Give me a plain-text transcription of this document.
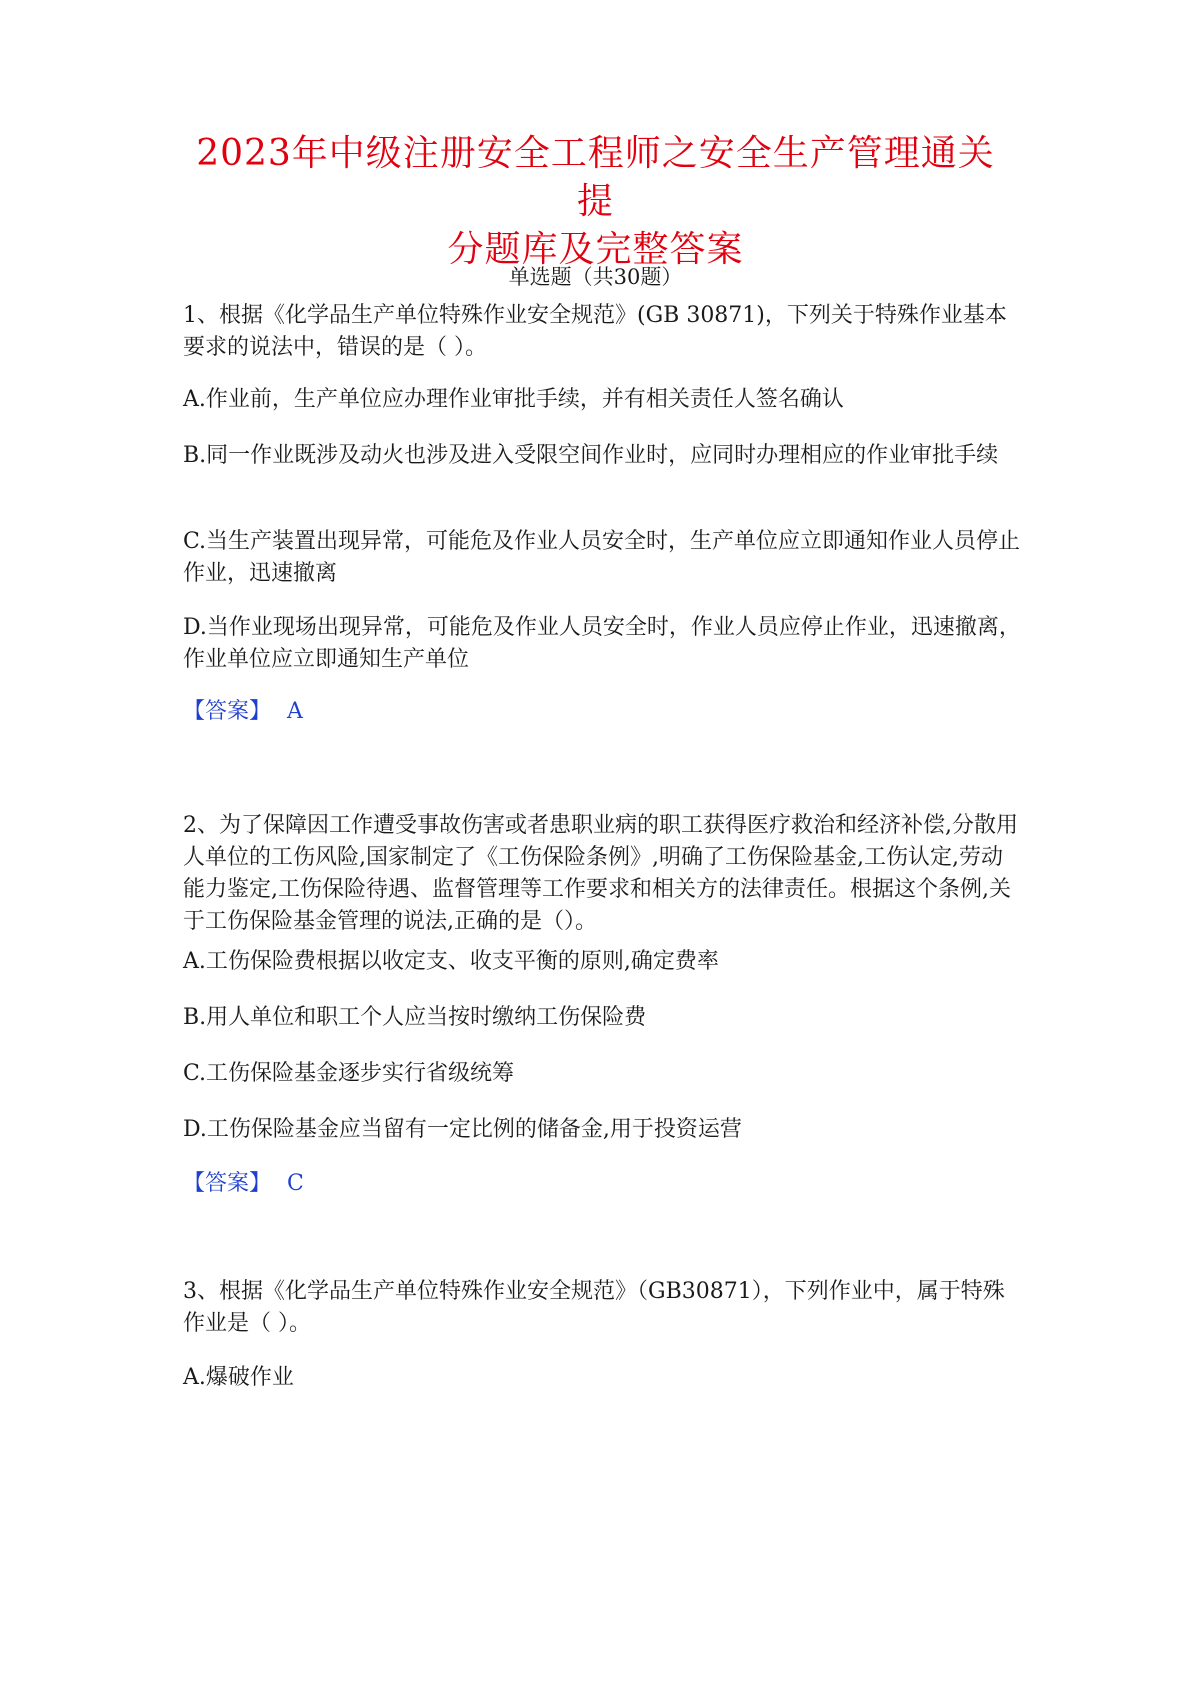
2023年中级注册安全工程师之安全生产管理通关提
分题库及完整答案
单选题（共30题）

1、根据《化学品生产单位特殊作业安全规范》(GB 30871)，下列关于特殊作业基本要求的说法中，错误的是（ ）。

A.作业前，生产单位应办理作业审批手续，并有相关责任人签名确认

B.同一作业既涉及动火也涉及进入受限空间作业时，应同时办理相应的作业审批手续

C.当生产装置出现异常，可能危及作业人员安全时，生产单位应立即通知作业人员停止作业，迅速撤离

D.当作业现场出现异常，可能危及作业人员安全时，作业人员应停止作业，迅速撤离，作业单位应立即通知生产单位

【答案】 A

2、为了保障因工作遭受事故伤害或者患职业病的职工获得医疗救治和经济补偿,分散用人单位的工伤风险,国家制定了《工伤保险条例》,明确了工伤保险基金,工伤认定,劳动能力鉴定,工伤保险待遇、监督管理等工作要求和相关方的法律责任。根据这个条例,关于工伤保险基金管理的说法,正确的是（）。

A.工伤保险费根据以收定支、收支平衡的原则,确定费率

B.用人单位和职工个人应当按时缴纳工伤保险费

C.工伤保险基金逐步实行省级统筹

D.工伤保险基金应当留有一定比例的储备金,用于投资运营

【答案】 C

3、根据《化学品生产单位特殊作业安全规范》（GB30871），下列作业中，属于特殊作业是（ ）。

A.爆破作业
